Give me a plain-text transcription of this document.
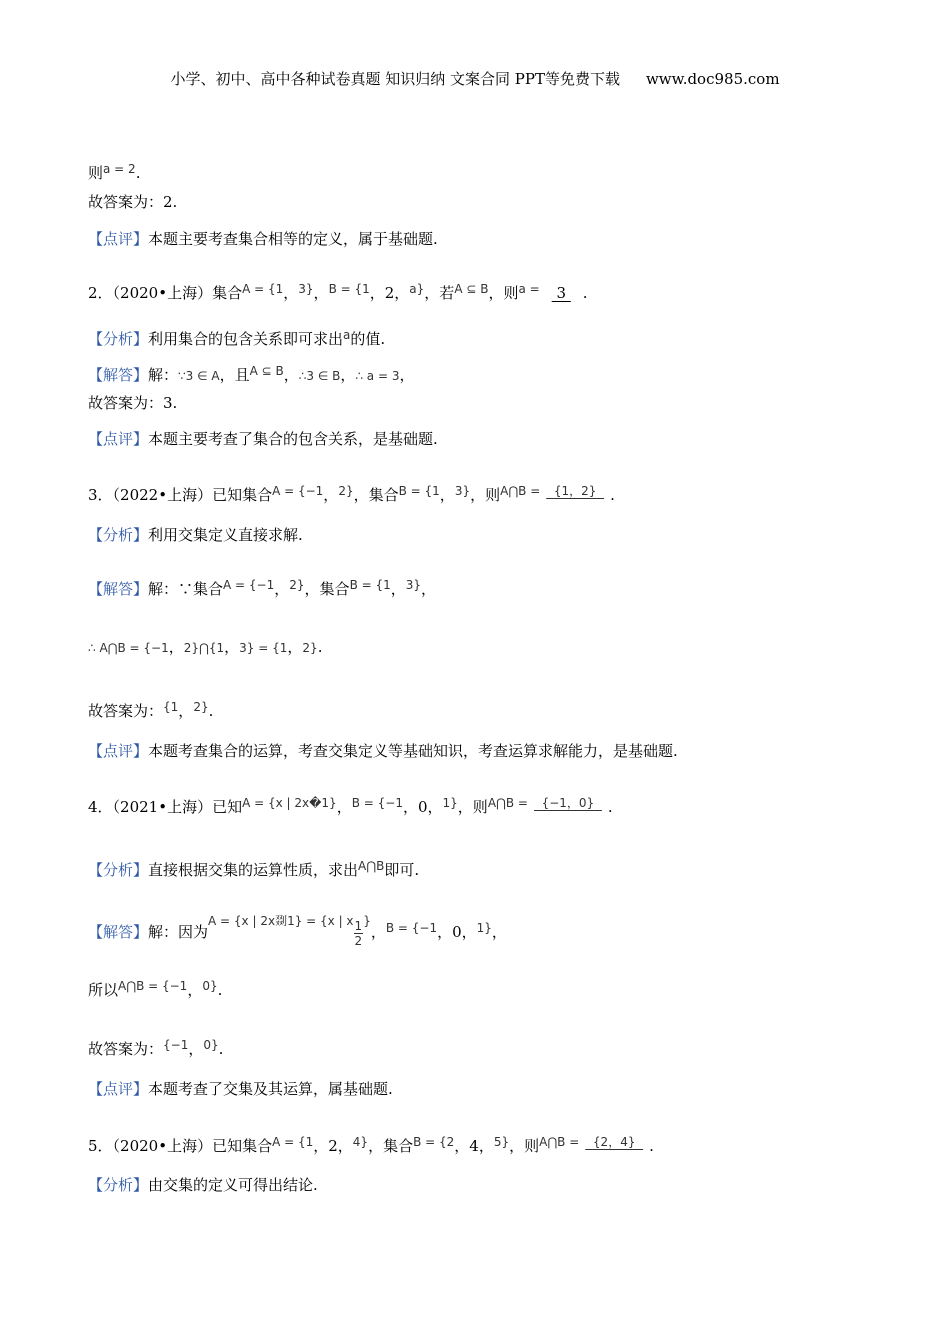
小学、初中、高中各种试卷真题 知识归纳 文案合同 PPT等免费下载 www.doc985.com
则a = 2.
故答案为：2.
【点评】本题主要考查集合相等的定义，属于基础题.
2．（2020•上海）集合A = {1，3}，B = {1，2，a}，若A ⊆ B，则a = 3 .
【分析】利用集合的包含关系即可求出a的值.
【解答】解：∵3 ∈ A，且A ⊆ B，∴3 ∈ B，∴ a = 3，
故答案为：3.
【点评】本题主要考查了集合的包含关系，是基础题.
3．（2022•上海）已知集合A = {−1，2}，集合B = {1，3}，则A⋂B = {1，2} .
【分析】利用交集定义直接求解.
【解答】解：∵集合A = {−1，2}，集合B = {1，3}，
∴ A⋂B = {−1，2}⋂{1，3} = {1，2}.
故答案为：{1，2}.
【点评】本题考查集合的运算，考查交集定义等基础知识，考查运算求解能力，是基础题.
4．（2021•上海）已知A = {x | 2x�1}，B = {−1，0，1}，则A⋂B = {−1，0} .
【分析】直接根据交集的运算性质，求出A⋂B即可.
【解答】解：因为A = {x | 2x剟1} = {x | x $\frac{1}{2}$ }，B = {−1，0，1}，
所以A⋂B = {−1，0}.
故答案为：{−1，0}.
【点评】本题考查了交集及其运算，属基础题.
5．（2020•上海）已知集合A = {1，2，4}，集合B = {2，4，5}，则A⋂B = {2，4} .
【分析】由交集的定义可得出结论.
